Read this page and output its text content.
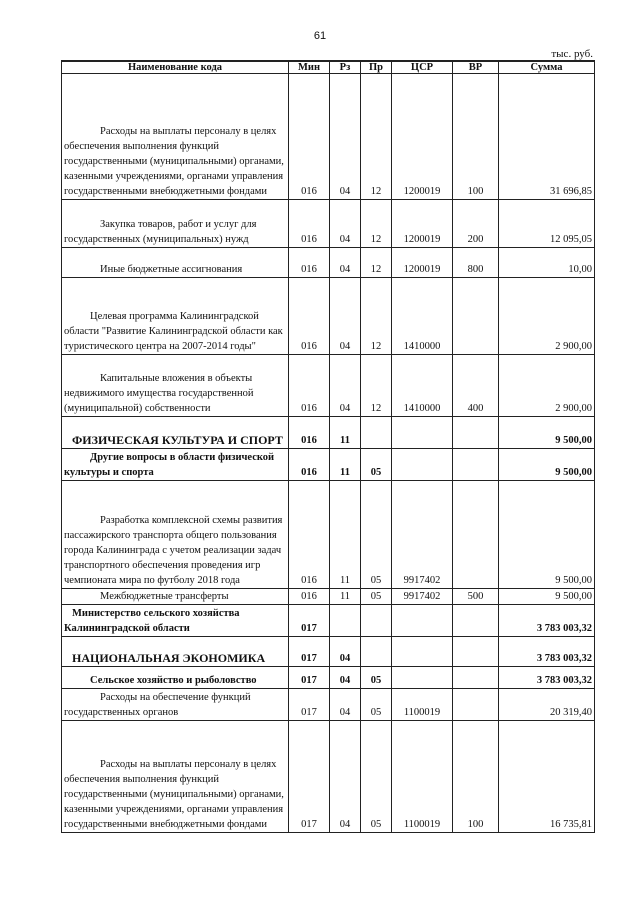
61
тыс. руб.
Наименование кода	Мин	Рз	Пр	ЦСР	ВР	Сумма

Расходы на выплаты персоналу в целях обеспечения выполнения функций государственными (муниципальными) органами, казенными учреждениями, органами управления государственными внебюджетными фондами	016	04	12	1200019	100	31 696,85

Закупка товаров, работ и услуг для государственных (муниципальных) нужд	016	04	12	1200019	200	12 095,05

Иные бюджетные ассигнования	016	04	12	1200019	800	10,00

Целевая программа Калининградской области "Развитие Калининградской области как туристического центра на 2007-2014 годы"	016	04	12	1410000		2 900,00

Капитальные вложения в объекты недвижимого имущества государственной (муниципальной) собственности	016	04	12	1410000	400	2 900,00

ФИЗИЧЕСКАЯ КУЛЬТУРА И СПОРТ	016	11				9 500,00

Другие вопросы в области физической культуры и спорта	016	11	05			9 500,00

Разработка комплексной схемы развития пассажирского транспорта общего пользования города Калининграда с учетом реализации задач транспортного обеспечения проведения игр чемпионата мира по футболу 2018 года	016	11	05	9917402		9 500,00

Межбюджетные трансферты	016	11	05	9917402	500	9 500,00

Министерство сельского хозяйства Калининградской области	017					3 783 003,32

НАЦИОНАЛЬНАЯ ЭКОНОМИКА	017	04				3 783 003,32

Сельское хозяйство и рыболовство	017	04	05			3 783 003,32

Расходы на обеспечение функций государственных органов	017	04	05	1100019		20 319,40

Расходы на выплаты персоналу в целях обеспечения выполнения функций государственными (муниципальными) органами, казенными учреждениями, органами управления государственными внебюджетными фондами	017	04	05	1100019	100	16 735,81
